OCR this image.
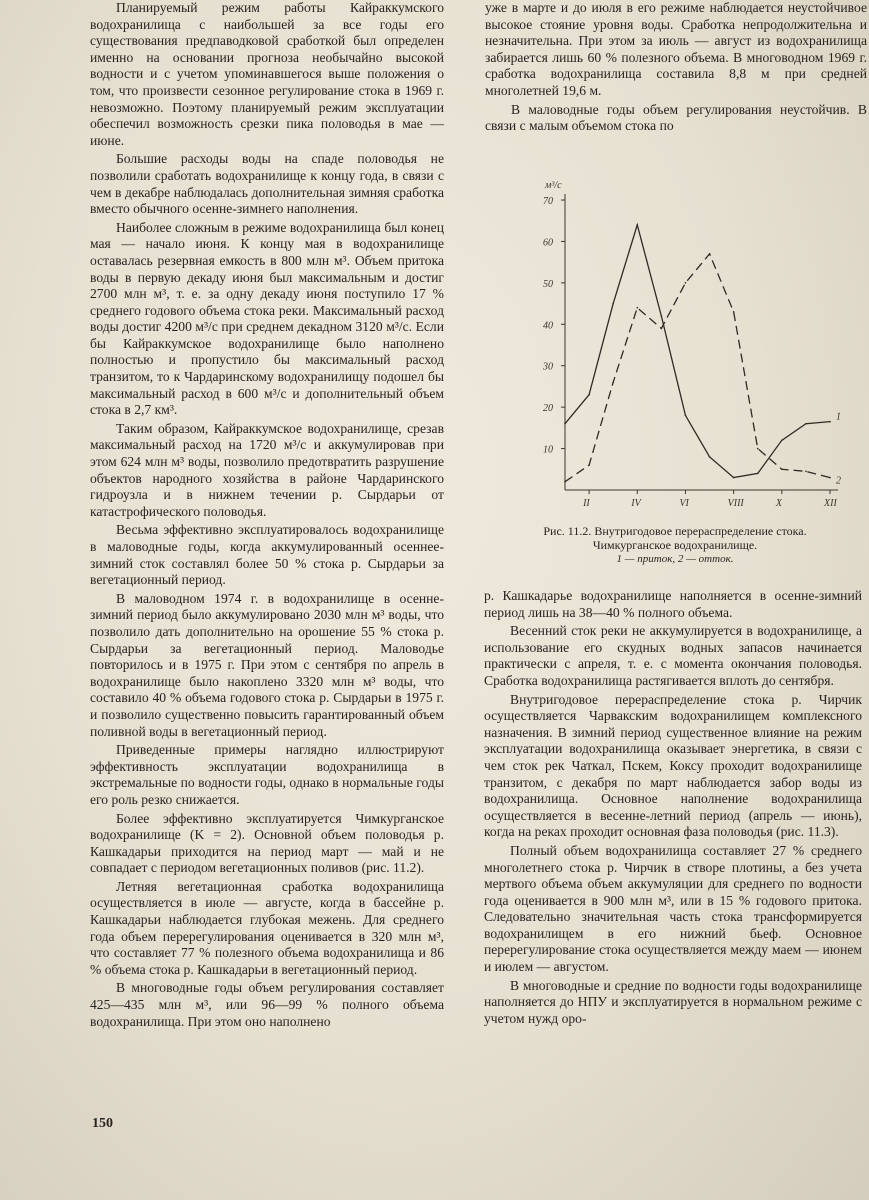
Планируемый режим работы Кайраккумского водохранилища с наибольшей за все годы его существования предпаводковой сработкой был определен именно на основании прогноза необычайно высокой водности и с учетом упоминавшегося выше положения о том, что произвести сезонное регулирование стока в 1969 г. невозможно. Поэтому планируемый режим эксплуатации обеспечил возможность срезки пика половодья в мае — июне.

Большие расходы воды на спаде половодья не позволили сработать водохранилище к концу года, в связи с чем в декабре наблюдалась дополнительная зимняя сработка вместо обычного осенне-зимнего наполнения.

Наиболее сложным в режиме водохранилища был конец мая — начало июня. К концу мая в водохранилище оставалась резервная емкость в 800 млн м³. Объем притока воды в первую декаду июня был максимальным и достиг 2700 млн м³, т. е. за одну декаду июня поступило 17 % среднего годового объема стока реки. Максимальный расход воды достиг 4200 м³/с при среднем декадном 3120 м³/с. Если бы Кайраккумское водохранилище было наполнено полностью и пропустило бы максимальный расход транзитом, то к Чардаринскому водохранилищу подошел бы максимальный расход в 600 м³/с и дополнительный объем стока в 2,7 км³.

Таким образом, Кайраккумское водохранилище, срезав максимальный расход на 1720 м³/с и аккумулировав при этом 624 млн м³ воды, позволило предотвратить разрушение объектов народного хозяйства в районе Чардаринского гидроузла и в нижнем течении р. Сырдарьи от катастрофического половодья.

Весьма эффективно эксплуатировалось водохранилище в маловодные годы, когда аккумулированный осеннее-зимний сток составлял более 50 % стока р. Сырдарьи за вегетационный период.

В маловодном 1974 г. в водохранилище в осенне-зимний период было аккумулировано 2030 млн м³ воды, что позволило дать дополнительно на орошение 55 % стока р. Сырдарьи за вегетационный период. Маловодье повторилось и в 1975 г. При этом с сентября по апрель в водохранилище было накоплено 3320 млн м³ воды, что составило 40 % объема годового стока р. Сырдарьи в 1975 г. и позволило существенно повысить гарантированный объем поливной воды в вегетационный период.

Приведенные примеры наглядно иллюстрируют эффективность эксплуатации водохранилища в экстремальные по водности годы, однако в нормальные годы его роль резко снижается.

Более эффективно эксплуатируется Чимкурганское водохранилище (K = 2). Основной объем половодья р. Кашкадарьи приходится на период март — май и не совпадает с периодом вегетационных поливов (рис. 11.2).

Летняя вегетационная сработка водохранилища осуществляется в июле — августе, когда в бассейне р. Кашкадарьи наблюдается глубокая межень. Для среднего года объем перерегулирования оценивается в 320 млн м³, что составляет 77 % полезного объема водохранилища и 86 % объема стока р. Кашкадарьи в вегетационный период.

В многоводные годы объем регулирования составляет 425—435 млн м³, или 96—99 % полного объема водохранилища. При этом оно наполнено

уже в марте и до июля в его режиме наблюдается неустойчивое высокое стояние уровня воды. Сработка непродолжительна и незначительна. При этом за июль — август из водохранилища забирается лишь 60 % полезного объема. В многоводном 1969 г. сработка водохранилища составила 8,8 м при средней многолетней 19,6 м.

В маловодные годы объем регулирования неустойчив. В связи с малым объемом стока по

м³/с
10
20
30
40
50
60
70
II	IV	VI	VIII	X	XII
1
2
Рис. 11.2. Внутригодовое перераспределение стока. Чимкурганское водохранилище.
1 — приток, 2 — отток.

р. Кашкадарье водохранилище наполняется в осенне-зимний период лишь на 38—40 % полного объема.

Весенний сток реки не аккумулируется в водохранилище, а использование его скудных водных запасов начинается практически с апреля, т. е. с момента окончания половодья. Сработка водохранилища растягивается вплоть до сентября.

Внутригодовое перераспределение стока р. Чирчик осуществляется Чарвакским водохранилищем комплексного назначения. В зимний период существенное влияние на режим эксплуатации водохранилища оказывает энергетика, в связи с чем сток рек Чаткал, Пскем, Коксу проходит водохранилище транзитом, с декабря по март наблюдается забор воды из водохранилища. Основное наполнение водохранилища осуществляется в весенне-летний период (апрель — июнь), когда на реках проходит основная фаза половодья (рис. 11.3).

Полный объем водохранилища составляет 27 % среднего многолетнего стока р. Чирчик в створе плотины, а без учета мертвого объема объем аккумуляции для среднего по водности года оценивается в 900 млн м³, или в 15 % годового притока. Следовательно значительная часть стока трансформируется водохранилищем в его нижний бьеф. Основное перерегулирование стока осуществляется между маем — июнем и июлем — августом.

В многоводные и средние по водности годы водохранилище наполняется до НПУ и эксплуатируется в нормальном режиме с учетом нужд оро-

150
